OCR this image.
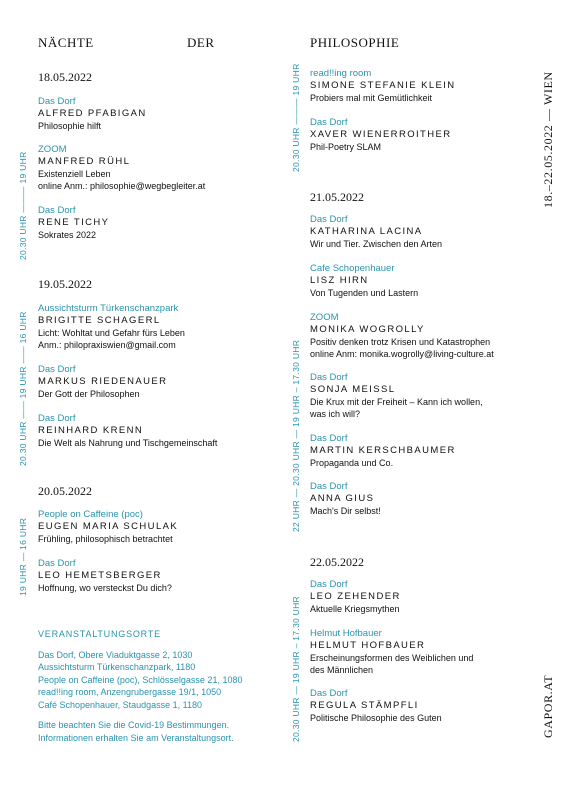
NÄCHTE	DER	PHILOSOPHIE
18.–22.05.2022 — WIEN
GAPOR.AT
18.05.2022
19.05.2022
20.05.2022
21.05.2022
22.05.2022
20.30 UHR ——— 19 UHR
20.30 UHR —— 19 UHR —— 16 UHR
19 UHR — 16 UHR
20.30 UHR ——— 19 UHR
22 UHR — 20.30 UHR — 19 UHR – 17.30 UHR
20.30 UHR — 19 UHR – 17.30 UHR
Das Dorf
ALFRED PFABIGAN
Philosophie hilft
ZOOM
MANFRED RÜHL
Existenziell Leben
online Anm.: philosophie@wegbegleiter.at
Das Dorf
RENE TICHY
Sokrates 2022
Aussichtsturm Türkenschanzpark
BRIGITTE SCHAGERL
Licht: Wohltat und Gefahr fürs Leben
Anm.: philopraxiswien@gmail.com
Das Dorf
MARKUS RIEDENAUER
Der Gott der Philosophen
Das Dorf
REINHARD KRENN
Die Welt als Nahrung und Tischgemeinschaft
People on Caffeine (poc)
EUGEN MARIA SCHULAK
Frühling, philosophisch betrachtet
Das Dorf
LEO HEMETSBERGER
Hoffnung, wo versteckst Du dich?
VERANSTALTUNGSORTE
Das Dorf, Obere Viaduktgasse 2, 1030
Aussichtsturm Türkenschanzpark, 1180
People on Caffeine (poc), Schlösselgasse 21, 1080
read!!ing room, Anzengrubergasse 19/1, 1050
Café Schopenhauer, Staudgasse 1, 1180
Bitte beachten Sie die Covid-19 Bestimmungen.
Informationen erhalten Sie am Veranstaltungsort.
read!!ing room
SIMONE STEFANIE KLEIN
Probiers mal mit Gemütlichkeit
Das Dorf
XAVER WIENERROITHER
Phil-Poetry SLAM
Das Dorf
KATHARINA LACINA
Wir und Tier. Zwischen den Arten
Cafe Schopenhauer
LISZ HIRN
Von Tugenden und Lastern
ZOOM
MONIKA WOGROLLY
Positiv denken trotz Krisen und Katastrophen
online Anm: monika.wogrolly@living-culture.at
Das Dorf
SONJA MEISSL
Die Krux mit der Freiheit – Kann ich wollen,
was ich will?
Das Dorf
MARTIN KERSCHBAUMER
Propaganda und Co.
Das Dorf
ANNA GIUS
Mach's Dir selbst!
Das Dorf
LEO ZEHENDER
Aktuelle Kriegsmythen
Helmut Hofbauer
HELMUT HOFBAUER
Erscheinungsformen des Weiblichen und
des Männlichen
Das Dorf
REGULA STÄMPFLI
Politische Philosophie des Guten
